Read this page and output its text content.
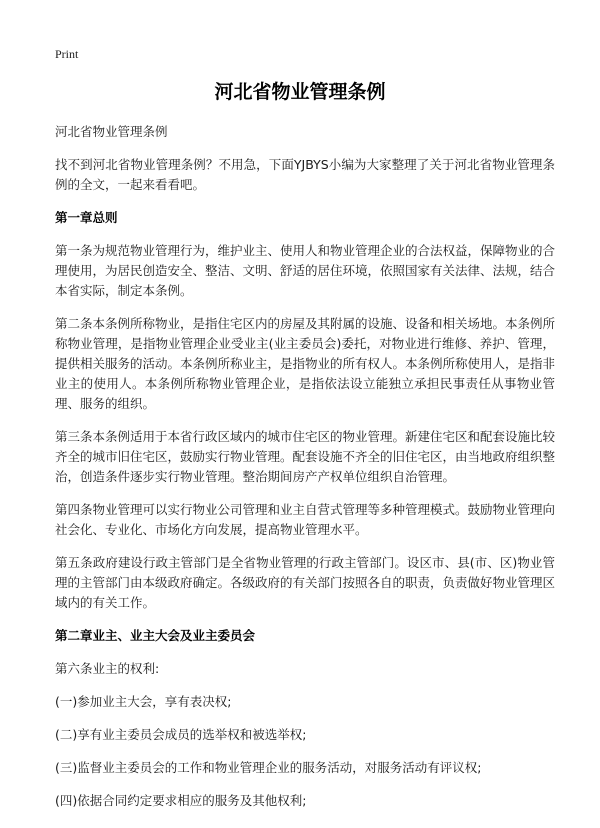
Print
河北省物业管理条例

河北省物业管理条例

找不到河北省物业管理条例？不用急，下面YJBYS小编为大家整理了关于河北省物业管理条例的全文，一起来看看吧。

第一章总则

第一条为规范物业管理行为，维护业主、使用人和物业管理企业的合法权益，保障物业的合理使用，为居民创造安全、整洁、文明、舒适的居住环境，依照国家有关法律、法规，结合本省实际，制定本条例。

第二条本条例所称物业，是指住宅区内的房屋及其附属的设施、设备和相关场地。本条例所称物业管理，是指物业管理企业受业主(业主委员会)委托，对物业进行维修、养护、管理，提供相关服务的活动。本条例所称业主，是指物业的所有权人。本条例所称使用人，是指非业主的使用人。本条例所称物业管理企业，是指依法设立能独立承担民事责任从事物业管理、服务的组织。

第三条本条例适用于本省行政区域内的城市住宅区的物业管理。新建住宅区和配套设施比较齐全的城市旧住宅区，鼓励实行物业管理。配套设施不齐全的旧住宅区，由当地政府组织整治，创造条件逐步实行物业管理。整治期间房产产权单位组织自治管理。

第四条物业管理可以实行物业公司管理和业主自营式管理等多种管理模式。鼓励物业管理向社会化、专业化、市场化方向发展，提高物业管理水平。

第五条政府建设行政主管部门是全省物业管理的行政主管部门。设区市、县(市、区)物业管理的主管部门由本级政府确定。各级政府的有关部门按照各自的职责，负责做好物业管理区域内的有关工作。

第二章业主、业主大会及业主委员会

第六条业主的权利:

(一)参加业主大会，享有表决权;

(二)享有业主委员会成员的选举权和被选举权;

(三)监督业主委员会的工作和物业管理企业的服务活动，对服务活动有评议权;

(四)依据合同约定要求相应的服务及其他权利;
